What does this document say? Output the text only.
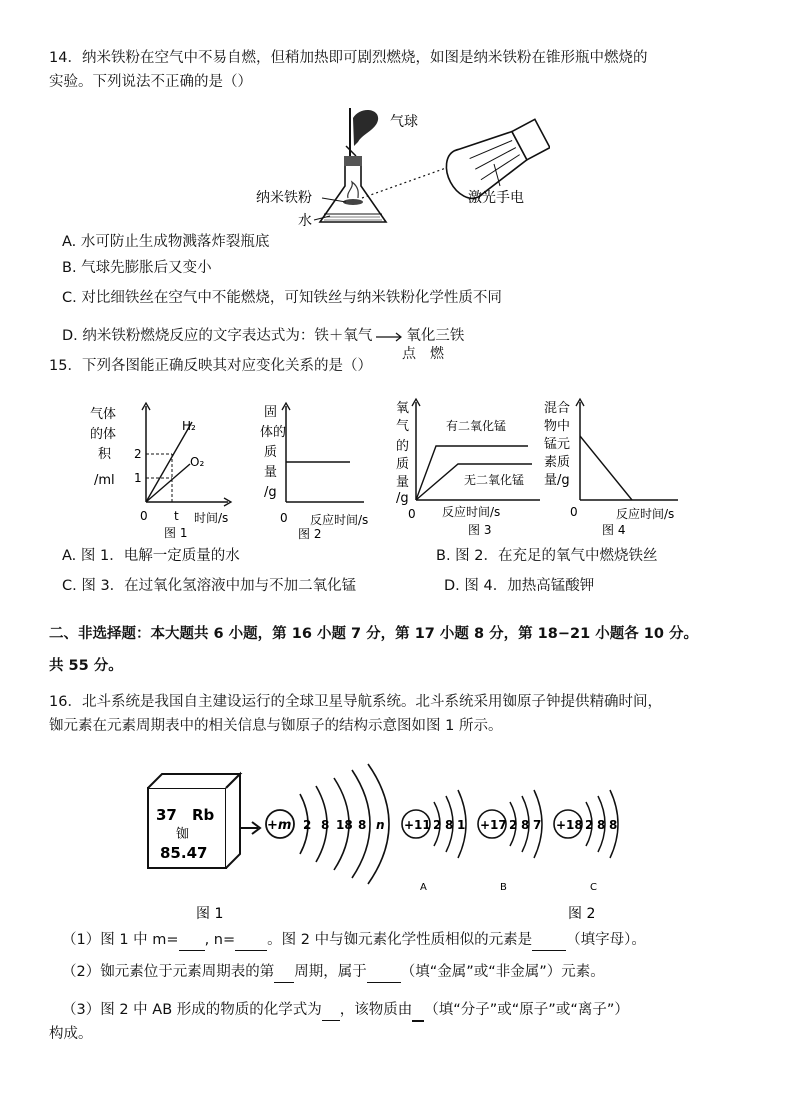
14．纳米铁粉在空气中不易自燃，但稍加热即可剧烈燃烧，如图是纳米铁粉在锥形瓶中燃烧的
实验。下列说法不正确的是（）
气球
纳米铁粉
水
激光手电
A. 水可防止生成物溅落炸裂瓶底
B. 气球先膨胀后又变小
C. 对比细铁丝在空气中不能燃烧，可知铁丝与纳米铁粉化学性质不同
D. 纳米铁粉燃烧反应的文字表达式为：铁＋氧气 氧化三铁
点　燃
15．下列各图能正确反映其对应变化关系的是（）
气体
的体
积
/ml
2
1
H₂
O₂
0 t 时间/s
图 1
固
体的
质
量
/g
0 反应时间/s
图 2
氧
气
的
质
量
/g
有二氧化锰
无二氧化锰
0 反应时间/s
图 3
混合
物中
锰元
素质
量/g
0	反应时间/s
图 4
A. 图 1．电解一定质量的水	B. 图 2．在充足的氧气中燃烧铁丝
C. 图 3．在过氧化氢溶液中加与不加二氧化锰	D. 图 4．加热高锰酸钾
二、非选择题：本大题共 6 小题，第 16 小题 7 分，第 17 小题 8 分，第 18−21 小题各 10 分。
共 55 分。
16．北斗系统是我国自主建设运行的全球卫星导航系统。北斗系统采用铷原子钟提供精确时间，
铷元素在元素周期表中的相关信息与铷原子的结构示意图如图 1 所示。
37 Rb
铷
85.47
+m 2 8 18 8 n +11 2 8 1
A
+17 2 8 7
B
+18 2 8 8
C
图 1	图 2
（1）图 1 中 m= , n= 。图 2 中与铷元素化学性质相似的元素是 （填字母）。
（2）铷元素位于元素周期表的第 周期，属于 （填“金属”或“非金属”）元素。
（3）图 2 中 AB 形成的物质的化学式为 ，该物质由 （填“分子”或“原子”或“离子”）
构成。
